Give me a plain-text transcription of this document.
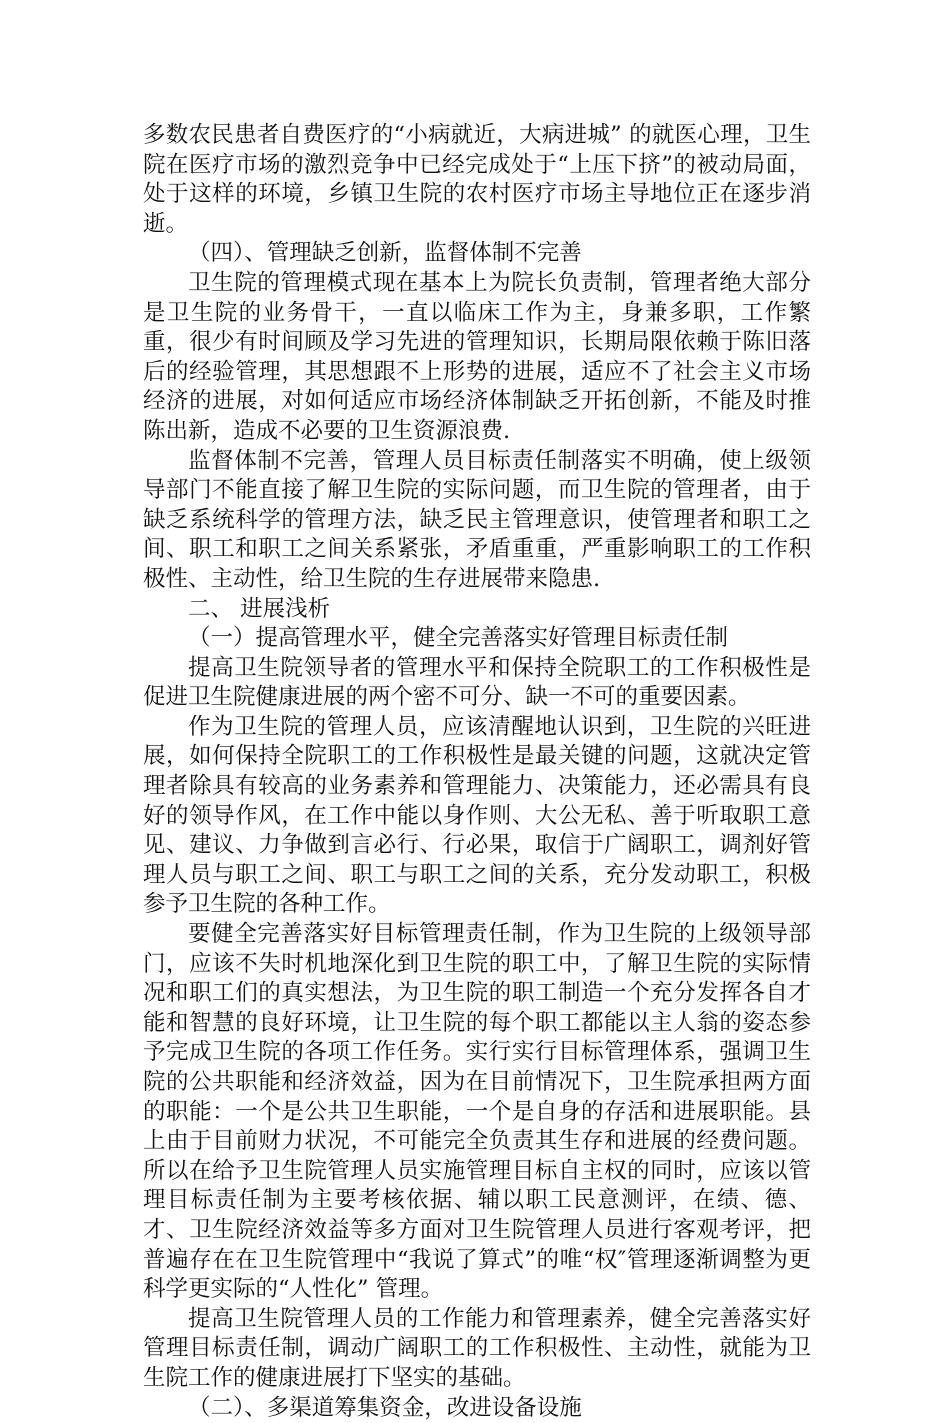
多数农民患者自费医疗的“小病就近，大病进城” 的就医心理，卫生院在医疗市场的激烈竞争中已经完成处于“上压下挤”的被动局面，处于这样的环境，乡镇卫生院的农村医疗市场主导地位正在逐步消逝。

（四）、管理缺乏创新，监督体制不完善

卫生院的管理模式现在基本上为院长负责制，管理者绝大部分是卫生院的业务骨干，一直以临床工作为主，身兼多职，工作繁重，很少有时间顾及学习先进的管理知识，长期局限依赖于陈旧落后的经验管理，其思想跟不上形势的进展，适应不了社会主义市场经济的进展，对如何适应市场经济体制缺乏开拓创新，不能及时推陈出新，造成不必要的卫生资源浪费.

监督体制不完善，管理人员目标责任制落实不明确，使上级领导部门不能直接了解卫生院的实际问题，而卫生院的管理者，由于缺乏系统科学的管理方法，缺乏民主管理意识，使管理者和职工之间、职工和职工之间关系紧张，矛盾重重，严重影响职工的工作积极性、主动性，给卫生院的生存进展带来隐患.

二、 进展浅析

（一）提高管理水平，健全完善落实好管理目标责任制

提高卫生院领导者的管理水平和保持全院职工的工作积极性是促进卫生院健康进展的两个密不可分、缺一不可的重要因素。

作为卫生院的管理人员，应该清醒地认识到，卫生院的兴旺进展，如何保持全院职工的工作积极性是最关键的问题，这就决定管理者除具有较高的业务素养和管理能力、决策能力，还必需具有良好的领导作风，在工作中能以身作则、大公无私、善于听取职工意见、建议、力争做到言必行、行必果，取信于广阔职工，调剂好管理人员与职工之间、职工与职工之间的关系，充分发动职工，积极参予卫生院的各种工作。

要健全完善落实好目标管理责任制，作为卫生院的上级领导部门，应该不失时机地深化到卫生院的职工中，了解卫生院的实际情况和职工们的真实想法，为卫生院的职工制造一个充分发挥各自才能和智慧的良好环境，让卫生院的每个职工都能以主人翁的姿态参予完成卫生院的各项工作任务。实行实行目标管理体系，强调卫生院的公共职能和经济效益，因为在目前情况下，卫生院承担两方面的职能：一个是公共卫生职能，一个是自身的存活和进展职能。县上由于目前财力状况，不可能完全负责其生存和进展的经费问题。所以在给予卫生院管理人员实施管理目标自主权的同时，应该以管理目标责任制为主要考核依据、辅以职工民意测评，在绩、德、才、卫生院经济效益等多方面对卫生院管理人员进行客观考评，把普遍存在在卫生院管理中“我说了算式”的唯“权″管理逐渐调整为更科学更实际的“人性化” 管理。

提高卫生院管理人员的工作能力和管理素养，健全完善落实好管理目标责任制，调动广阔职工的工作积极性、主动性，就能为卫生院工作的健康进展打下坚实的基础。

（二）、多渠道筹集资金，改进设备设施
